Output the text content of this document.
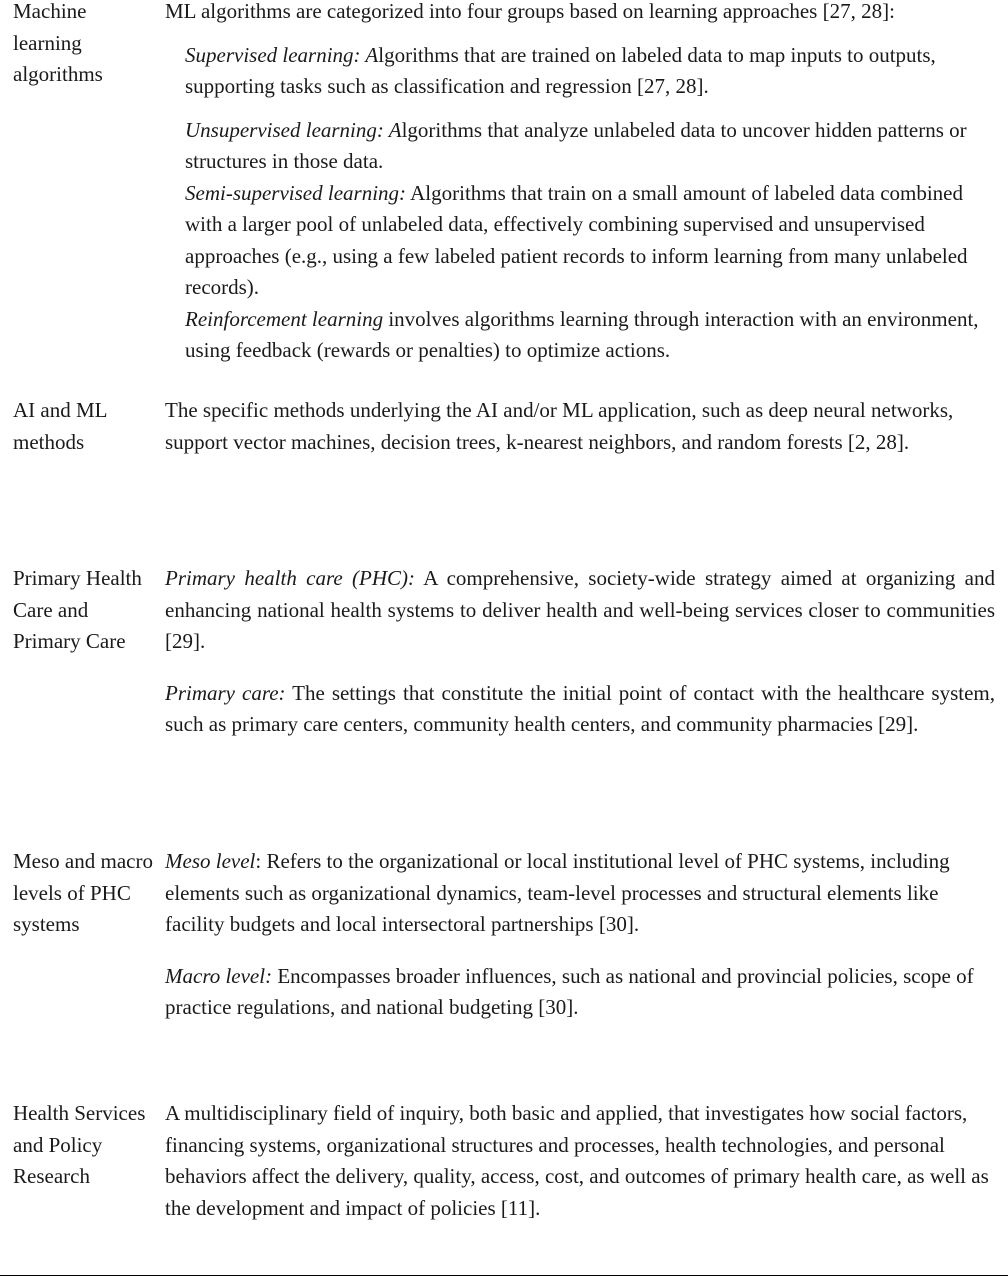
Machine learning algorithms

ML algorithms are categorized into four groups based on learning approaches [27, 28]:

Supervised learning: Algorithms that are trained on labeled data to map inputs to outputs, supporting tasks such as classification and regression [27, 28].

Unsupervised learning: Algorithms that analyze unlabeled data to uncover hidden patterns or structures in those data.

Semi-supervised learning: Algorithms that train on a small amount of labeled data combined with a larger pool of unlabeled data, effectively combining supervised and unsupervised approaches (e.g., using a few labeled patient records to inform learning from many unlabeled records).

Reinforcement learning involves algorithms learning through interaction with an environment, using feedback (rewards or penalties) to optimize actions.

AI and ML methods

The specific methods underlying the AI and/or ML application, such as deep neural networks, support vector machines, decision trees, k-nearest neighbors, and random forests [2, 28].

Primary Health Care and Primary Care

Primary health care (PHC): A comprehensive, society-wide strategy aimed at organizing and enhancing national health systems to deliver health and well-being services closer to communities [29].

Primary care: The settings that constitute the initial point of contact with the healthcare system, such as primary care centers, community health centers, and community pharmacies [29].

Meso and macro levels of PHC systems

Meso level: Refers to the organizational or local institutional level of PHC systems, including elements such as organizational dynamics, team-level processes and structural elements like facility budgets and local intersectoral partnerships [30].

Macro level: Encompasses broader influences, such as national and provincial policies, scope of practice regulations, and national budgeting [30].

Health Services and Policy Research

A multidisciplinary field of inquiry, both basic and applied, that investigates how social factors, financing systems, organizational structures and processes, health technologies, and personal behaviors affect the delivery, quality, access, cost, and outcomes of primary health care, as well as the development and impact of policies [11].
